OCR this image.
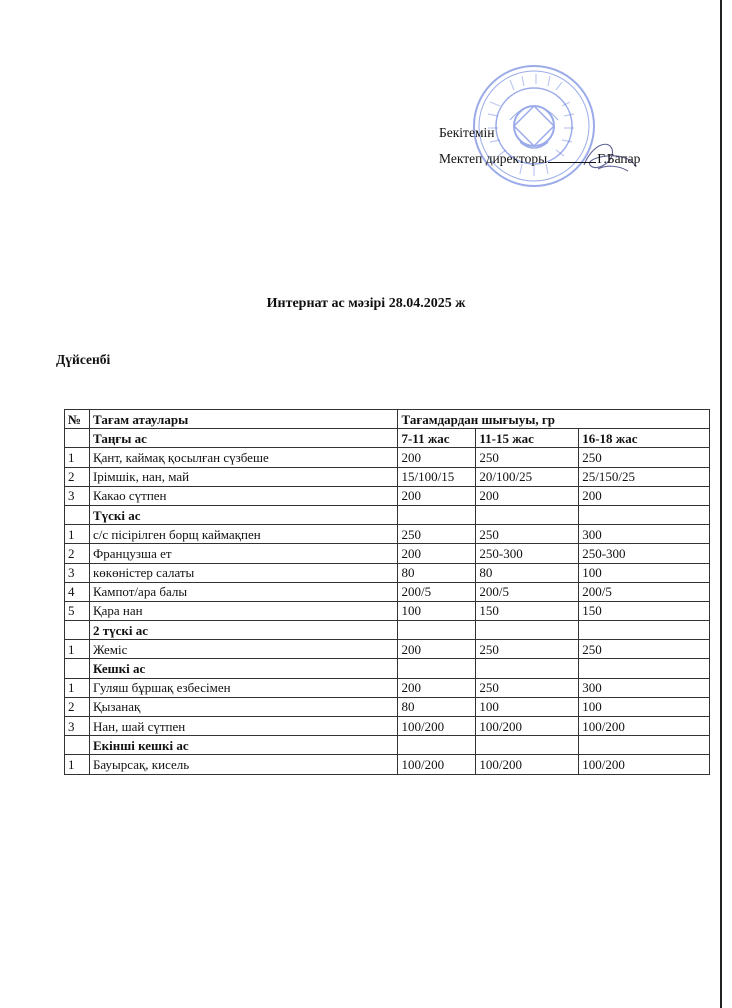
Бекітемін
Мектеп директоры	Г.Бапар
Интернат ас мәзірі 28.04.2025 ж
Дүйсенбі
№	Тағам атаулары	Тағамдардан шығыуы, гр		
	Таңғы ас	7-11 жас	11-15 жас	16-18 жас
1	Қант, каймақ қосылған сүзбеше	200	250	250
2	Ірімшік, нан, май	15/100/15	20/100/25	25/150/25
3	Какао сүтпен	200	200	200
	Түскі ас			
1	с/с пісірілген борщ каймақпен	250	250	300
2	Французша ет	200	250-300	250-300
3	көкөністер салаты	80	80	100
4	Кампот/ара балы	200/5	200/5	200/5
5	Қара нан	100	150	150
	2 түскі ас			
1	Жеміс	200	250	250
	Кешкі ас			
1	Гуляш бұршақ езбесімен	200	250	300
2	Қызанақ	80	100	100
3	Нан, шай сүтпен	100/200	100/200	100/200
	Екінші кешкі ас			
1	Бауырсақ, кисель	100/200	100/200	100/200
